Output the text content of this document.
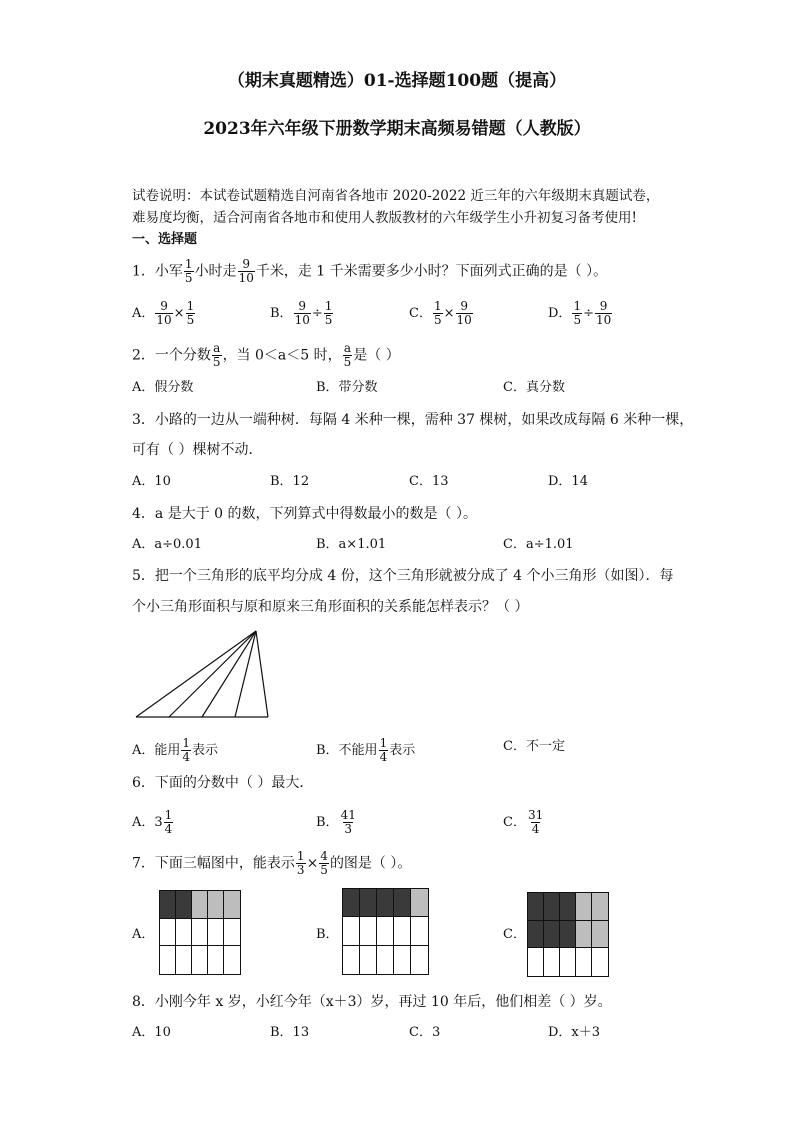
（期末真题精选）01-选择题100题（提高）
2023年六年级下册数学期末高频易错题（人教版）
试卷说明：本试卷试题精选自河南省各地市 2020-2022 近三年的六年级期末真题试卷，
难易度均衡，适合河南省各地市和使用人教版教材的六年级学生小升初复习备考使用!
一、选择题
1．小军 $\frac{1}{5}$ 小时走 $\frac{9}{10}$ 千米，走 1 千米需要多少小时？下面列式正确的是（ ）。
A． $\frac{9}{10} \times \frac{1}{5}$	B． $\frac{9}{10} \div \frac{1}{5}$	C． $\frac{1}{5} \times \frac{9}{10}$	D． $\frac{1}{5} \div \frac{9}{10}$
2．一个分数 $\frac{a}{5}$ ，当 0＜a＜5 时， $\frac{a}{5}$ 是（ ）
A．假分数	B．带分数	C．真分数
3．小路的一边从一端种树．每隔 4 米种一棵，需种 37 棵树，如果改成每隔 6 米种一棵，
可有（ ）棵树不动．
A．10	B．12	C．13	D．14
4．a 是大于 0 的数，下列算式中得数最小的数是（ ）。
A．a÷0.01	B．a×1.01	C．a÷1.01
5．把一个三角形的底平均分成 4 份，这个三角形就被分成了 4 个小三角形（如图）．每
个小三角形面积与原和原来三角形面积的关系能怎样表示？（ ）
A．能用 $\frac{1}{4}$ 表示	B．不能用 $\frac{1}{4}$ 表示	C．不一定
6．下面的分数中（ ）最大．
A． $3 \frac{1}{4}$	B． $\frac{41}{3}$	C． $\frac{31}{4}$
7．下面三幅图中，能表示 $\frac{1}{3} \times \frac{4}{5}$ 的图是（ ）。
A．	B．	C．
8．小刚今年 x 岁，小红今年（x＋3）岁，再过 10 年后，他们相差（ ）岁。
A．10	B．13	C．3	D．x＋3
